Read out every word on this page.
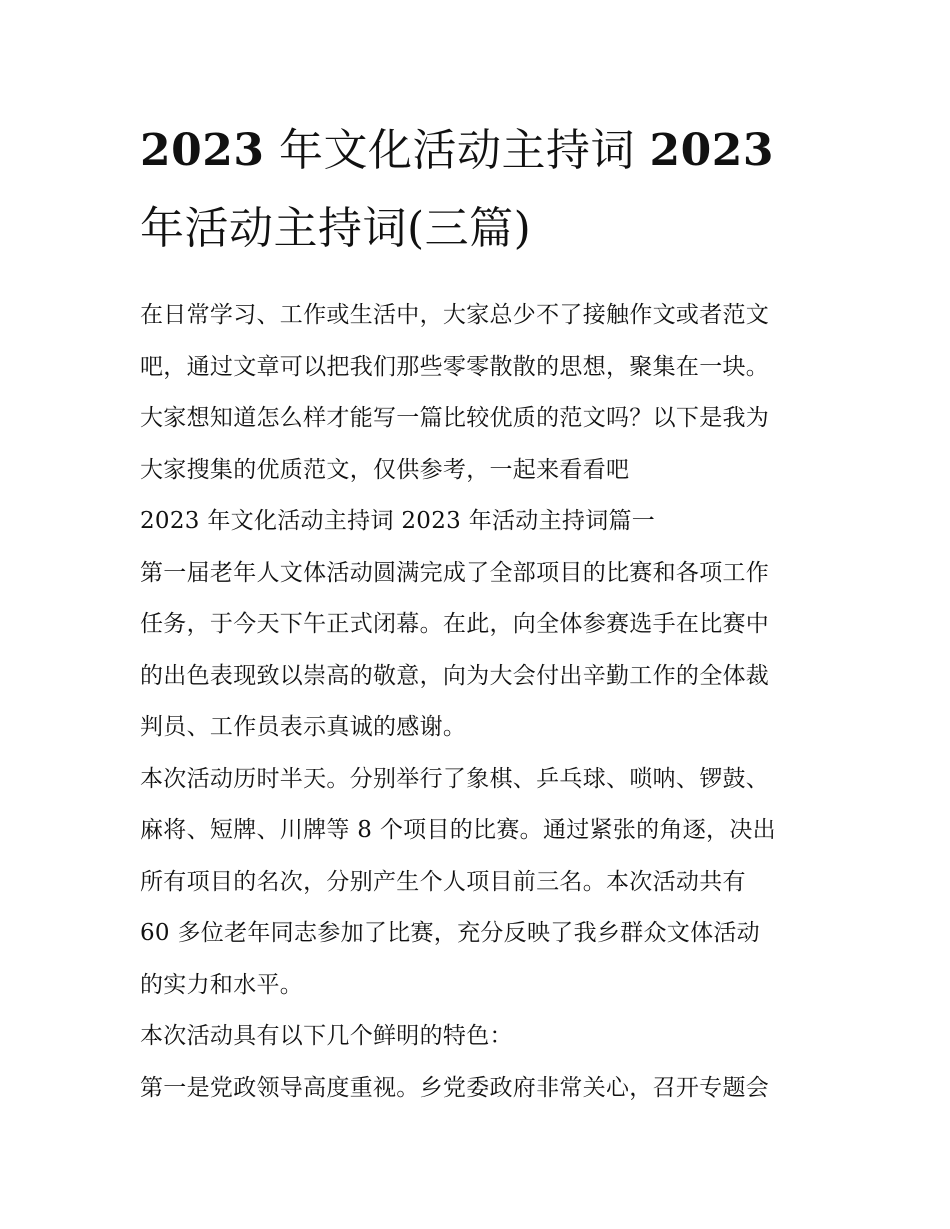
2023 年文化活动主持词 2023
年活动主持词(三篇)
在日常学习、工作或生活中，大家总少不了接触作文或者范文
吧，通过文章可以把我们那些零零散散的思想，聚集在一块。
大家想知道怎么样才能写一篇比较优质的范文吗？以下是我为
大家搜集的优质范文，仅供参考，一起来看看吧
2023 年文化活动主持词 2023 年活动主持词篇一
第一届老年人文体活动圆满完成了全部项目的比赛和各项工作
任务，于今天下午正式闭幕。在此，向全体参赛选手在比赛中
的出色表现致以崇高的敬意，向为大会付出辛勤工作的全体裁
判员、工作员表示真诚的感谢。
本次活动历时半天。分别举行了象棋、乒乓球、唢呐、锣鼓、
麻将、短牌、川牌等 8 个项目的比赛。通过紧张的角逐，决出
所有项目的名次，分别产生个人项目前三名。本次活动共有
60 多位老年同志参加了比赛，充分反映了我乡群众文体活动
的实力和水平。
本次活动具有以下几个鲜明的特色：
第一是党政领导高度重视。乡党委政府非常关心，召开专题会
